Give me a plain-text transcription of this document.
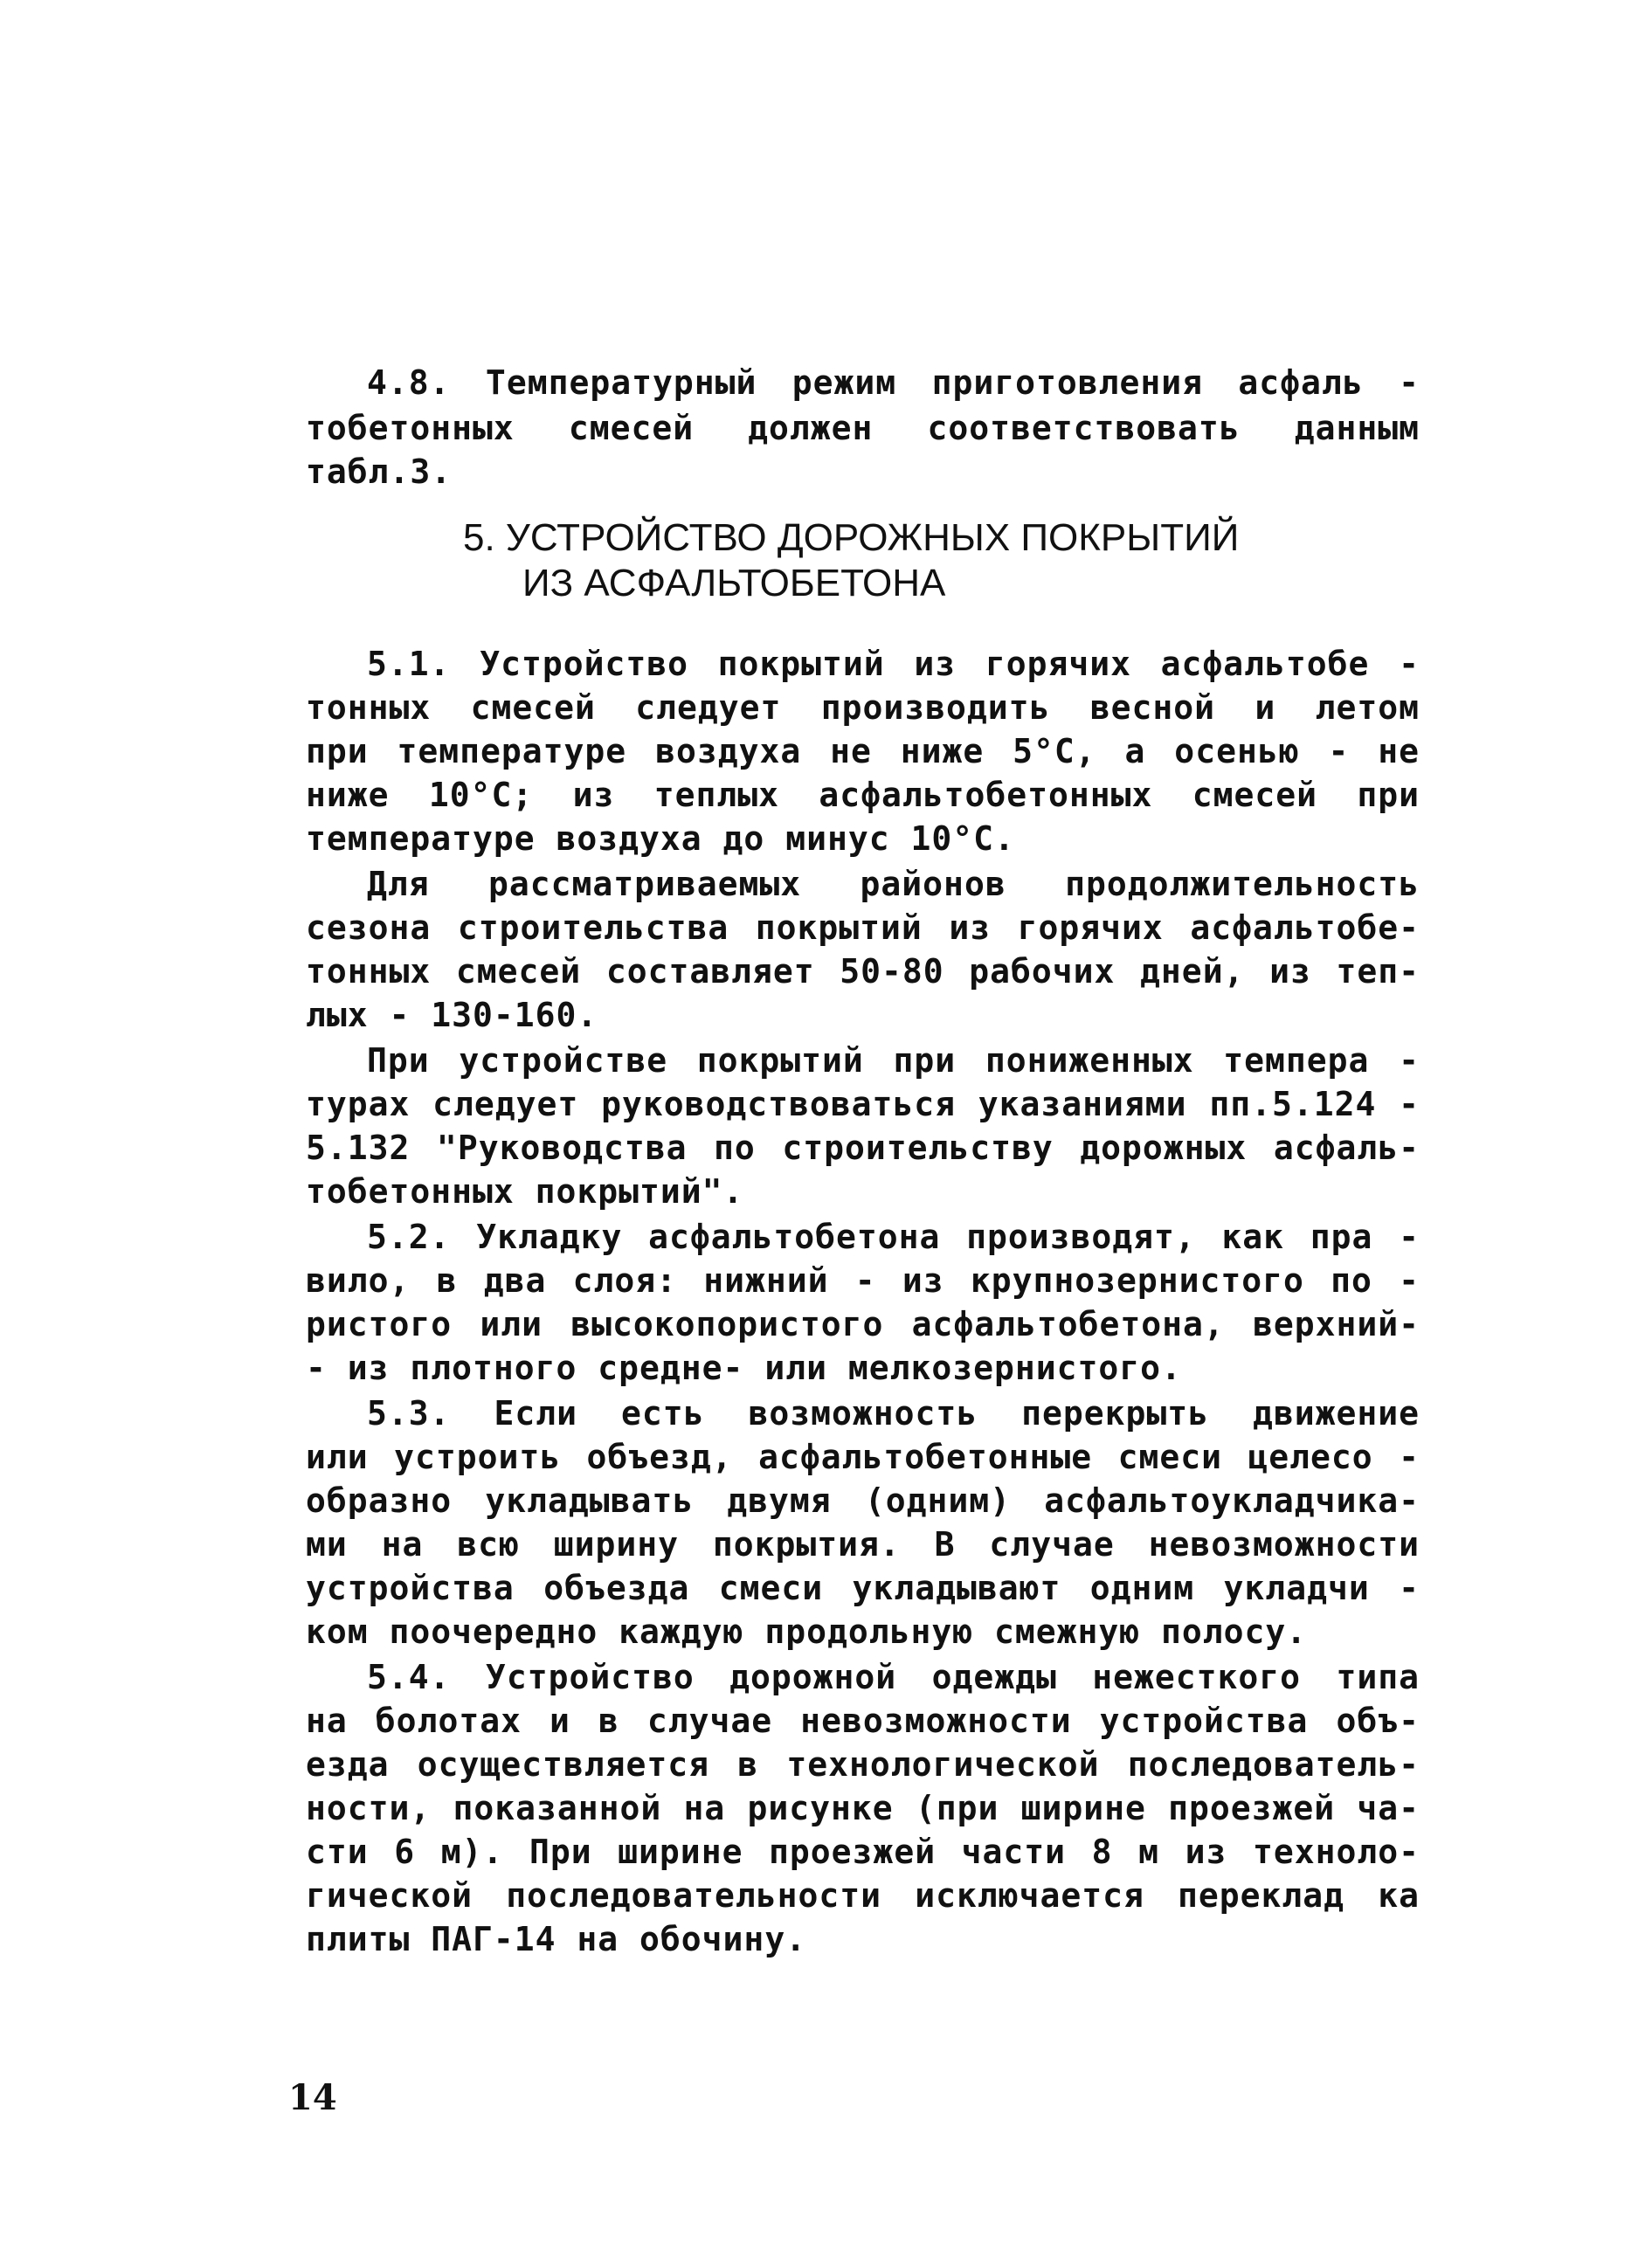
4.8. Температурный режим приготовления асфаль -
тобетонных смесей должен соответствовать данным
табл.3.
5. УСТРОЙСТВО ДОРОЖНЫХ ПОКРЫТИЙ
ИЗ АСФАЛЬТОБЕТОНА
5.1. Устройство покрытий из горячих асфальтобе -
тонных смесей следует производить весной и летом
при температуре воздуха не ниже 5°С, а осенью - не
ниже 10°С; из теплых асфальтобетонных смесей при
температуре воздуха до минус 10°С.
Для рассматриваемых районов продолжительность
сезона строительства покрытий из горячих асфальтобе-
тонных смесей составляет 50-80 рабочих дней, из теп-
лых - 130-160.
При устройстве покрытий при пониженных темпера -
турах следует руководствоваться указаниями пп.5.124 -
5.132 "Руководства по строительству дорожных асфаль-
тобетонных покрытий".
5.2. Укладку асфальтобетона производят, как пра -
вило, в два слоя: нижний - из крупнозернистого по -
ристого или высокопористого асфальтобетона, верхний-
- из плотного средне- или мелкозернистого.
5.3. Если есть возможность перекрыть движение
или устроить объезд, асфальтобетонные смеси целесо -
образно укладывать двумя (одним) асфальтоукладчика-
ми на всю ширину покрытия. В случае невозможности
устройства объезда смеси укладывают одним укладчи -
ком поочередно каждую продольную смежную полосу.
5.4. Устройство дорожной одежды нежесткого типа
на болотах и в случае невозможности устройства объ-
езда осуществляется в технологической последователь-
ности, показанной на рисунке (при ширине проезжей ча-
сти 6 м). При ширине проезжей части 8 м из техноло-
гической последовательности исключается переклад ка
плиты ПАГ-14 на обочину.
14
